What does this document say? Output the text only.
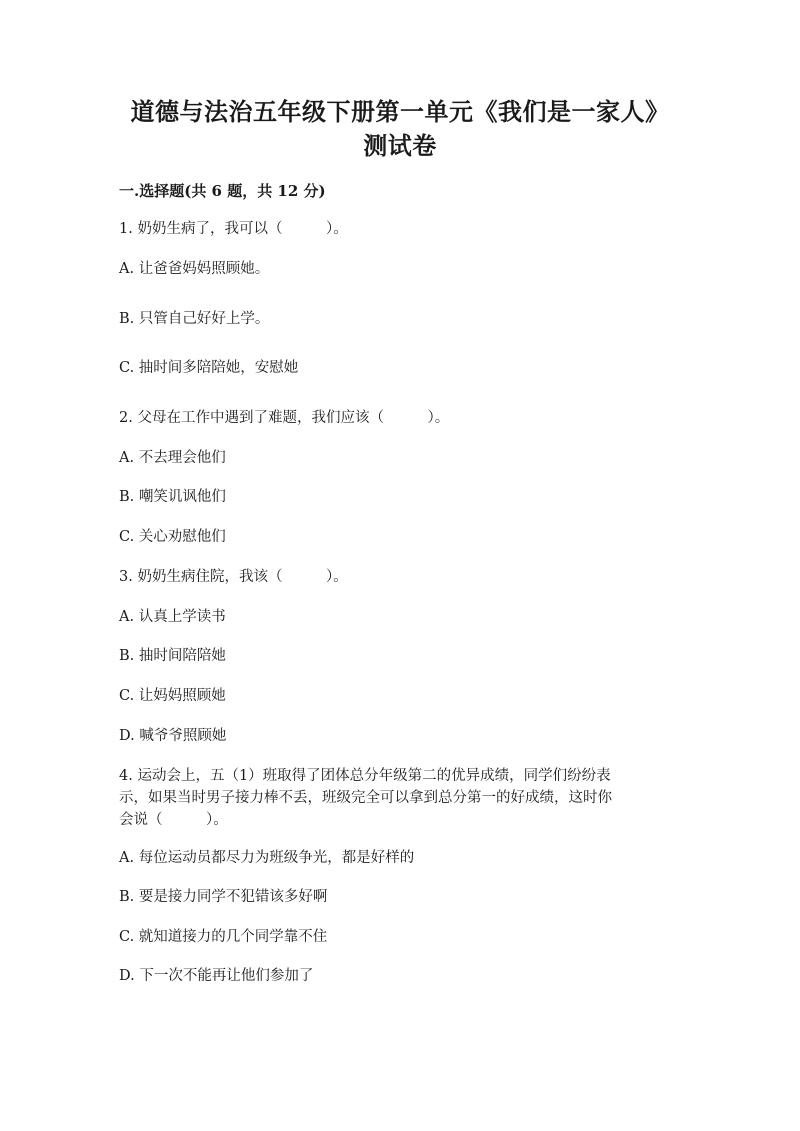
道德与法治五年级下册第一单元《我们是一家人》
测试卷
一.选择题(共 6 题，共 12 分)
1. 奶奶生病了，我可以（　　　）。
A. 让爸爸妈妈照顾她。
B. 只管自己好好上学。
C. 抽时间多陪陪她，安慰她
2. 父母在工作中遇到了难题，我们应该（　　　）。
A. 不去理会他们
B. 嘲笑讥讽他们
C. 关心劝慰他们
3. 奶奶生病住院，我该（　　　）。
A. 认真上学读书
B. 抽时间陪陪她
C. 让妈妈照顾她
D. 喊爷爷照顾她
4. 运动会上，五（1）班取得了团体总分年级第二的优异成绩，同学们纷纷表
示，如果当时男子接力棒不丢，班级完全可以拿到总分第一的好成绩，这时你
会说（　　　）。
A. 每位运动员都尽力为班级争光，都是好样的
B. 要是接力同学不犯错该多好啊
C. 就知道接力的几个同学靠不住
D. 下一次不能再让他们参加了
